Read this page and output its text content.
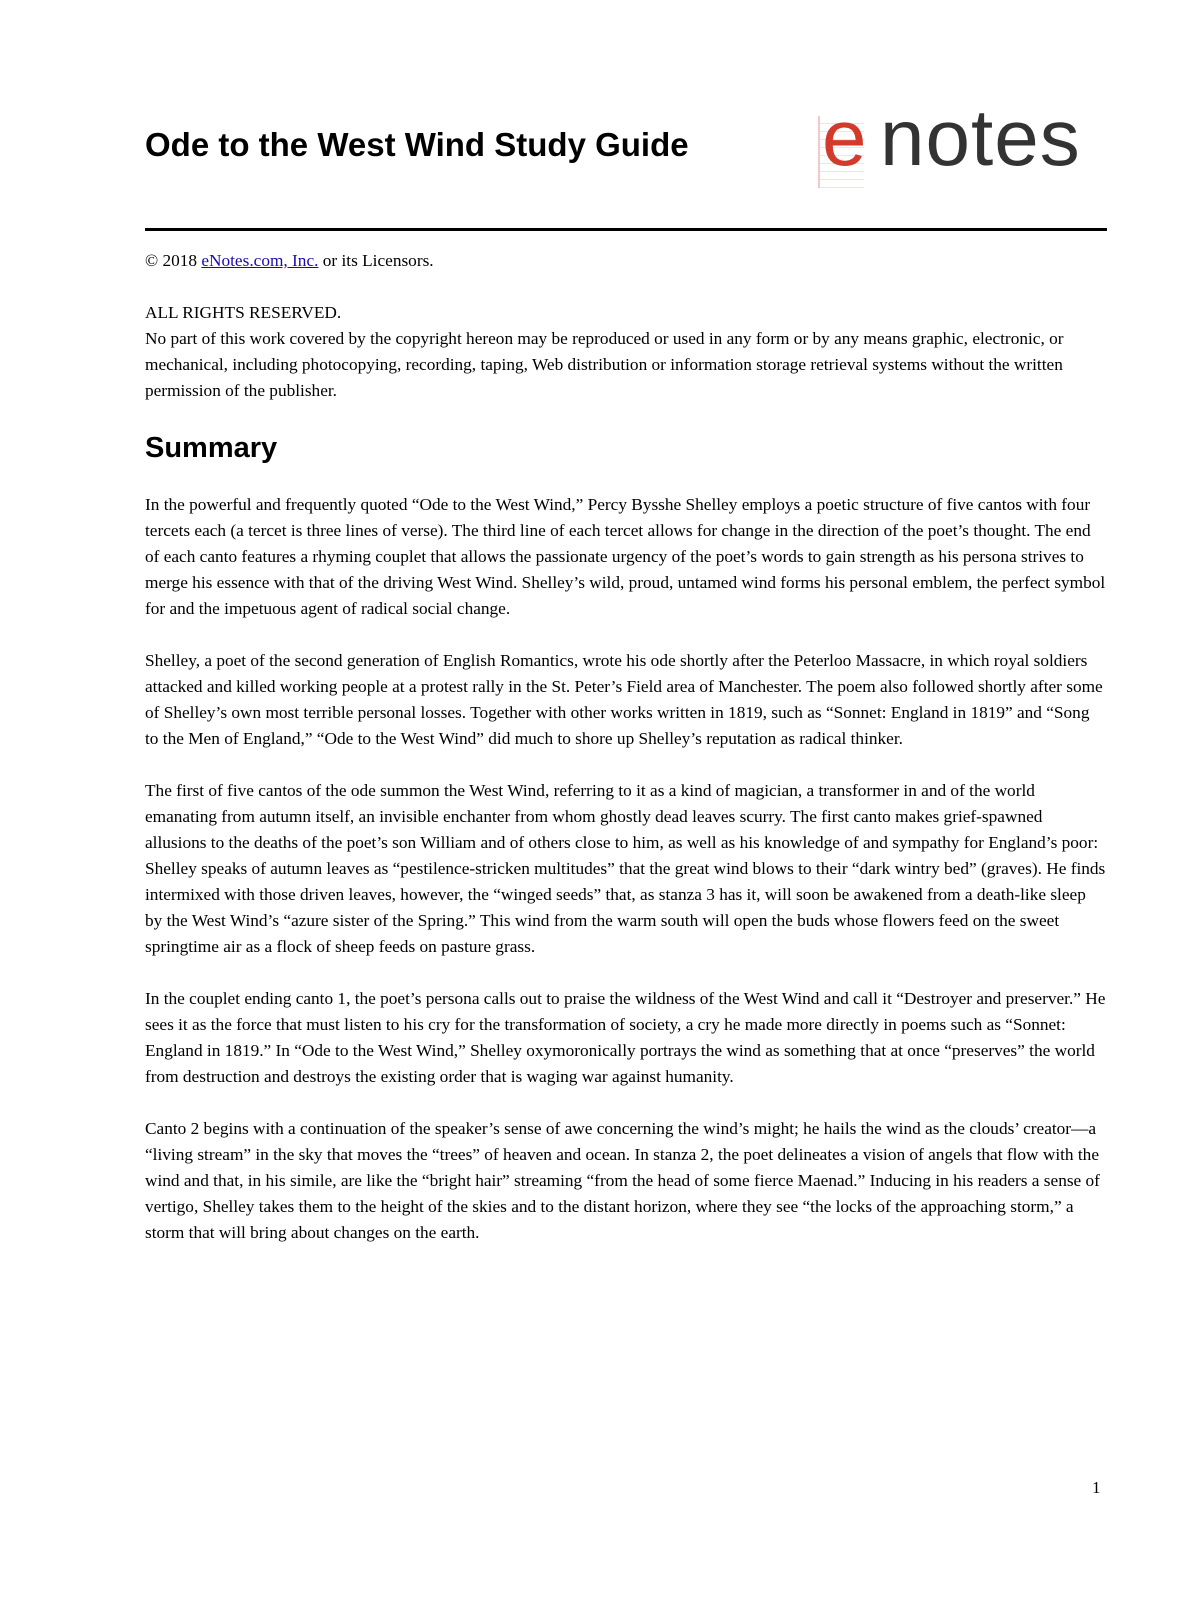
Ode to the West Wind Study Guide e notes

© 2018 eNotes.com, Inc. or its Licensors.

ALL RIGHTS RESERVED.

No part of this work covered by the copyright hereon may be reproduced or used in any form or by any means graphic, electronic, or mechanical, including photocopying, recording, taping, Web distribution or information storage retrieval systems without the written permission of the publisher.

Summary

In the powerful and frequently quoted “Ode to the West Wind,” Percy Bysshe Shelley employs a poetic structure of five cantos with four tercets each (a tercet is three lines of verse). The third line of each tercet allows for change in the direction of the poet’s thought. The end of each canto features a rhyming couplet that allows the passionate urgency of the poet’s words to gain strength as his persona strives to merge his essence with that of the driving West Wind. Shelley’s wild, proud, untamed wind forms his personal emblem, the perfect symbol for and the impetuous agent of radical social change.

Shelley, a poet of the second generation of English Romantics, wrote his ode shortly after the Peterloo Massacre, in which royal soldiers attacked and killed working people at a protest rally in the St. Peter’s Field area of Manchester. The poem also followed shortly after some of Shelley’s own most terrible personal losses. Together with other works written in 1819, such as “Sonnet: England in 1819” and “Song to the Men of England,” “Ode to the West Wind” did much to shore up Shelley’s reputation as radical thinker.

The first of five cantos of the ode summon the West Wind, referring to it as a kind of magician, a transformer in and of the world emanating from autumn itself, an invisible enchanter from whom ghostly dead leaves scurry. The first canto makes grief-spawned allusions to the deaths of the poet’s son William and of others close to him, as well as his knowledge of and sympathy for England’s poor: Shelley speaks of autumn leaves as “pestilence-stricken multitudes” that the great wind blows to their “dark wintry bed” (graves). He finds intermixed with those driven leaves, however, the “winged seeds” that, as stanza 3 has it, will soon be awakened from a death-like sleep by the West Wind’s “azure sister of the Spring.” This wind from the warm south will open the buds whose flowers feed on the sweet springtime air as a flock of sheep feeds on pasture grass.

In the couplet ending canto 1, the poet’s persona calls out to praise the wildness of the West Wind and call it “Destroyer and preserver.” He sees it as the force that must listen to his cry for the transformation of society, a cry he made more directly in poems such as “Sonnet: England in 1819.” In “Ode to the West Wind,” Shelley oxymoronically portrays the wind as something that at once “preserves” the world from destruction and destroys the existing order that is waging war against humanity.

Canto 2 begins with a continuation of the speaker’s sense of awe concerning the wind’s might; he hails the wind as the clouds’ creator—a “living stream” in the sky that moves the “trees” of heaven and ocean. In stanza 2, the poet delineates a vision of angels that flow with the wind and that, in his simile, are like the “bright hair” streaming “from the head of some fierce Maenad.” Inducing in his readers a sense of vertigo, Shelley takes them to the height of the skies and to the distant horizon, where they see “the locks of the approaching storm,” a storm that will bring about changes on the earth.

1
